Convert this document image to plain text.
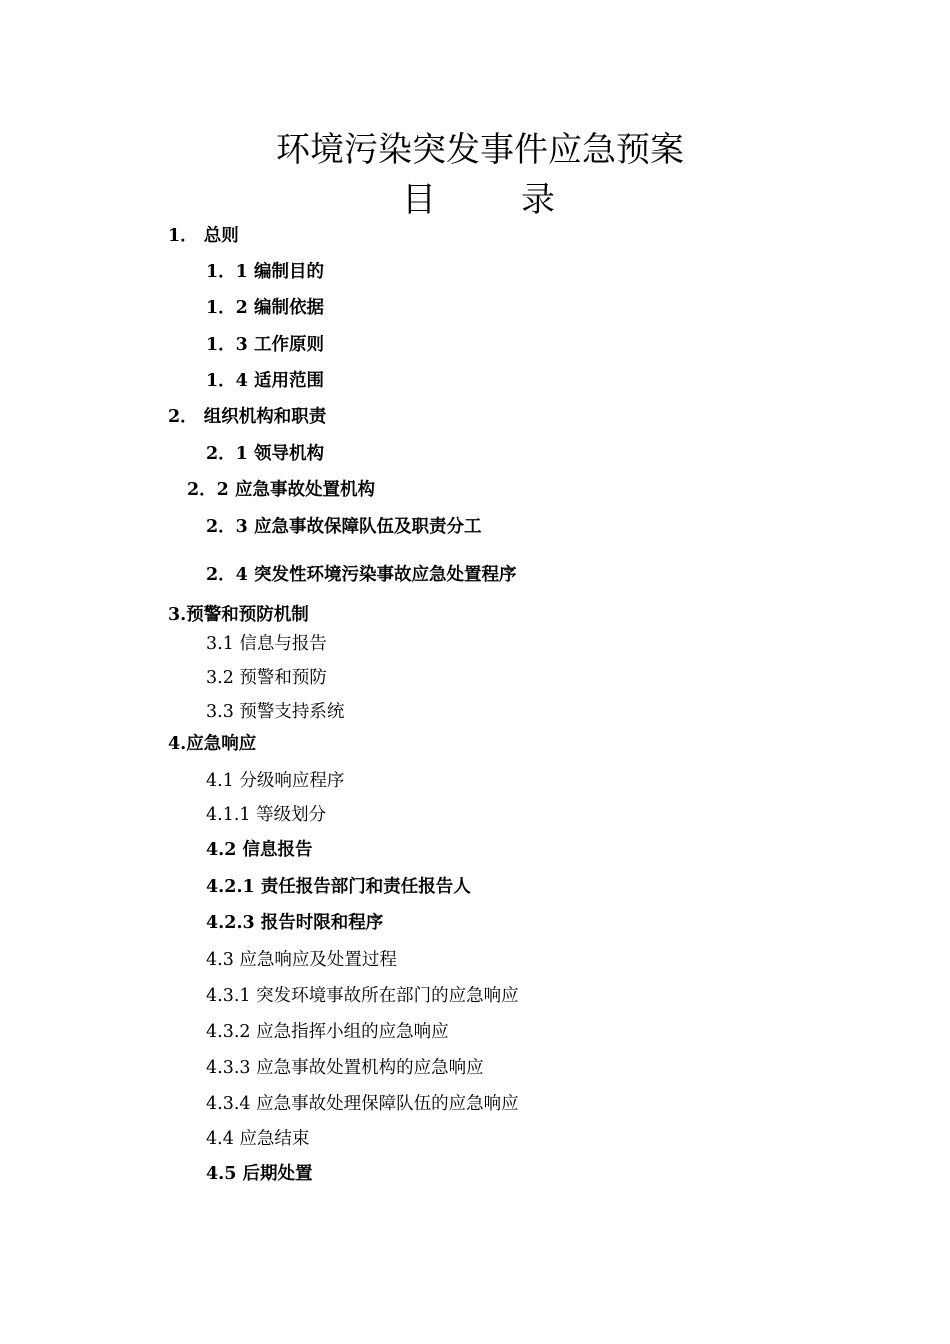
环境污染突发事件应急预案
目	录
1． 总则
1．1 编制目的
1．2 编制依据
1．3 工作原则
1．4 适用范围
2． 组织机构和职责
2．1 领导机构
2．2 应急事故处置机构
2．3 应急事故保障队伍及职责分工
2．4 突发性环境污染事故应急处置程序
3.预警和预防机制
3.1 信息与报告
3.2 预警和预防
3.3 预警支持系统
4.应急响应
4.1 分级响应程序
4.1.1 等级划分
4.2 信息报告
4.2.1 责任报告部门和责任报告人
4.2.3 报告时限和程序
4.3 应急响应及处置过程
4.3.1 突发环境事故所在部门的应急响应
4.3.2 应急指挥小组的应急响应
4.3.3 应急事故处置机构的应急响应
4.3.4 应急事故处理保障队伍的应急响应
4.4 应急结束
4.5 后期处置
